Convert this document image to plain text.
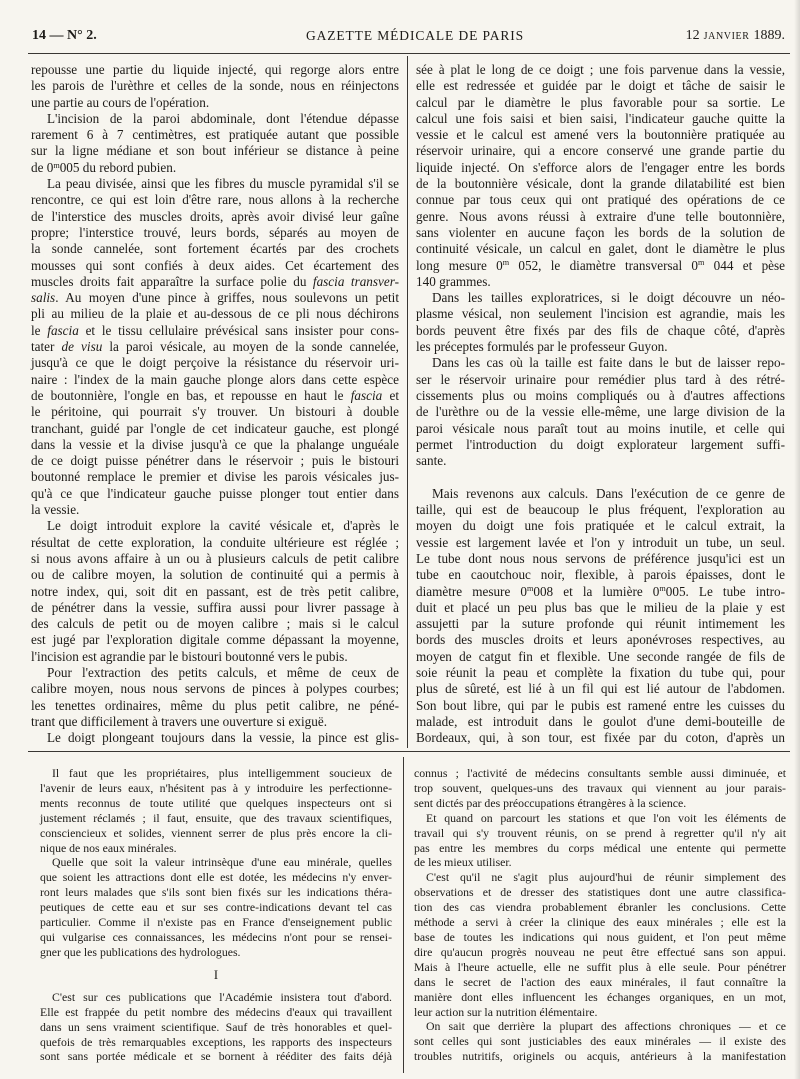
14 — N° 2.	GAZETTE MÉDICALE DE PARIS	12 JANVIER 1889.
repousse une partie du liquide injecté, qui regorge alors entre
les parois de l'urèthre et celles de la sonde, nous en réinjectons
une partie au cours de l'opération.
L'incision de la paroi abdominale, dont l'étendue dépasse
rarement 6 à 7 centimètres, est pratiquée autant que possible
sur la ligne médiane et son bout inférieur se distance à peine
de 0$^m$005 du rebord pubien.
La peau divisée, ainsi que les fibres du muscle pyramidal s'il se
rencontre, ce qui est loin d'être rare, nous allons à la recherche
de l'interstice des muscles droits, après avoir divisé leur gaîne
propre; l'interstice trouvé, leurs bords, séparés au moyen de
la sonde cannelée, sont fortement écartés par des crochets
mousses qui sont confiés à deux aides. Cet écartement des
muscles droits fait apparaître la surface polie du fascia transver-
salis. Au moyen d'une pince à griffes, nous soulevons un petit
pli au milieu de la plaie et au-dessous de ce pli nous déchirons
le fascia et le tissu cellulaire prévésical sans insister pour cons-
tater de visu la paroi vésicale, au moyen de la sonde cannelée,
jusqu'à ce que le doigt perçoive la résistance du réservoir uri-
naire : l'index de la main gauche plonge alors dans cette espèce
de boutonnière, l'ongle en bas, et repousse en haut le fascia et
le péritoine, qui pourrait s'y trouver. Un bistouri à double
tranchant, guidé par l'ongle de cet indicateur gauche, est plongé
dans la vessie et la divise jusqu'à ce que la phalange unguéale
de ce doigt puisse pénétrer dans le réservoir ; puis le bistouri
boutonné remplace le premier et divise les parois vésicales jus-
qu'à ce que l'indicateur gauche puisse plonger tout entier dans
la vessie.
Le doigt introduit explore la cavité vésicale et, d'après le
résultat de cette exploration, la conduite ultérieure est réglée ;
si nous avons affaire à un ou à plusieurs calculs de petit calibre
ou de calibre moyen, la solution de continuité qui a permis à
notre index, qui, soit dit en passant, est de très petit calibre,
de pénétrer dans la vessie, suffira aussi pour livrer passage à
des calculs de petit ou de moyen calibre ; mais si le calcul
est jugé par l'exploration digitale comme dépassant la moyenne,
l'incision est agrandie par le bistouri boutonné vers le pubis.
Pour l'extraction des petits calculs, et même de ceux de
calibre moyen, nous nous servons de pinces à polypes courbes;
les tenettes ordinaires, même du plus petit calibre, ne péné-
trant que difficilement à travers une ouverture si exiguë.
Le doigt plongeant toujours dans la vessie, la pince est glis-
sée à plat le long de ce doigt ; une fois parvenue dans la vessie,
elle est redressée et guidée par le doigt et tâche de saisir le
calcul par le diamètre le plus favorable pour sa sortie. Le
calcul une fois saisi et bien saisi, l'indicateur gauche quitte la
vessie et le calcul est amené vers la boutonnière pratiquée au
réservoir urinaire, qui a encore conservé une grande partie du
liquide injecté. On s'efforce alors de l'engager entre les bords
de la boutonnière vésicale, dont la grande dilatabilité est bien
connue par tous ceux qui ont pratiqué des opérations de ce
genre. Nous avons réussi à extraire d'une telle boutonnière,
sans violenter en aucune façon les bords de la solution de
continuité vésicale, un calcul en galet, dont le diamètre le plus
long mesure 0$^m$ 052, le diamètre transversal 0$^m$ 044 et pèse
140 grammes.
Dans les tailles exploratrices, si le doigt découvre un néo-
plasme vésical, non seulement l'incision est agrandie, mais les
bords peuvent être fixés par des fils de chaque côté, d'après
les préceptes formulés par le professeur Guyon.
Dans les cas où la taille est faite dans le but de laisser repo-
ser le réservoir urinaire pour remédier plus tard à des rétré-
cissements plus ou moins compliqués ou à d'autres affections
de l'urèthre ou de la vessie elle-même, une large division de la
paroi vésicale nous paraît tout au moins inutile, et celle qui
permet l'introduction du doigt explorateur largement suffi-
sante.
Mais revenons aux calculs. Dans l'exécution de ce genre de
taille, qui est de beaucoup le plus fréquent, l'exploration au
moyen du doigt une fois pratiquée et le calcul extrait, la
vessie est largement lavée et l'on y introduit un tube, un seul.
Le tube dont nous nous servons de préférence jusqu'ici est un
tube en caoutchouc noir, flexible, à parois épaisses, dont le
diamètre mesure 0$^m$008 et la lumière 0$^m$005. Le tube intro-
duit et placé un peu plus bas que le milieu de la plaie y est
assujetti par la suture profonde qui réunit intimement les
bords des muscles droits et leurs aponévroses respectives, au
moyen de catgut fin et flexible. Une seconde rangée de fils de
soie réunit la peau et complète la fixation du tube qui, pour
plus de sûreté, est lié à un fil qui est lié autour de l'abdomen.
Son bout libre, qui par le pubis est ramené entre les cuisses du
malade, est introduit dans le goulot d'une demi-bouteille de
Bordeaux, qui, à son tour, est fixée par du coton, d'après un
Il faut que les propriétaires, plus intelligemment soucieux de
l'avenir de leurs eaux, n'hésitent pas à y introduire les perfectionne-
ments reconnus de toute utilité que quelques inspecteurs ont si
justement réclamés ; il faut, ensuite, que des travaux scientifiques,
consciencieux et solides, viennent serrer de plus près encore la cli-
nique de nos eaux minérales.
Quelle que soit la valeur intrinsèque d'une eau minérale, quelles
que soient les attractions dont elle est dotée, les médecins n'y enver-
ront leurs malades que s'ils sont bien fixés sur les indications théra-
peutiques de cette eau et sur ses contre-indications devant tel cas
particulier. Comme il n'existe pas en France d'enseignement public
qui vulgarise ces connaissances, les médecins n'ont pour se rensei-
gner que les publications des hydrologues.
I
C'est sur ces publications que l'Académie insistera tout d'abord.
Elle est frappée du petit nombre des médecins d'eaux qui travaillent
dans un sens vraiment scientifique. Sauf de très honorables et quel-
quefois de très remarquables exceptions, les rapports des inspecteurs
sont sans portée médicale et se bornent à rééditer des faits déjà
connus ; l'activité de médecins consultants semble aussi diminuée, et
trop souvent, quelques-uns des travaux qui viennent au jour parais-
sent dictés par des préoccupations étrangères à la science.
Et quand on parcourt les stations et que l'on voit les éléments de
travail qui s'y trouvent réunis, on se prend à regretter qu'il n'y ait
pas entre les membres du corps médical une entente qui permette
de les mieux utiliser.
C'est qu'il ne s'agit plus aujourd'hui de réunir simplement des
observations et de dresser des statistiques dont une autre classifica-
tion des cas viendra probablement ébranler les conclusions. Cette
méthode a servi à créer la clinique des eaux minérales ; elle est la
base de toutes les indications qui nous guident, et l'on peut même
dire qu'aucun progrès nouveau ne peut être effectué sans son appui.
Mais à l'heure actuelle, elle ne suffit plus à elle seule. Pour pénétrer
dans le secret de l'action des eaux minérales, il faut connaître la
manière dont elles influencent les échanges organiques, en un mot,
leur action sur la nutrition élémentaire.
On sait que derrière la plupart des affections chroniques — et ce
sont celles qui sont justiciables des eaux minérales — il existe des
troubles nutritifs, originels ou acquis, antérieurs à la manifestation
